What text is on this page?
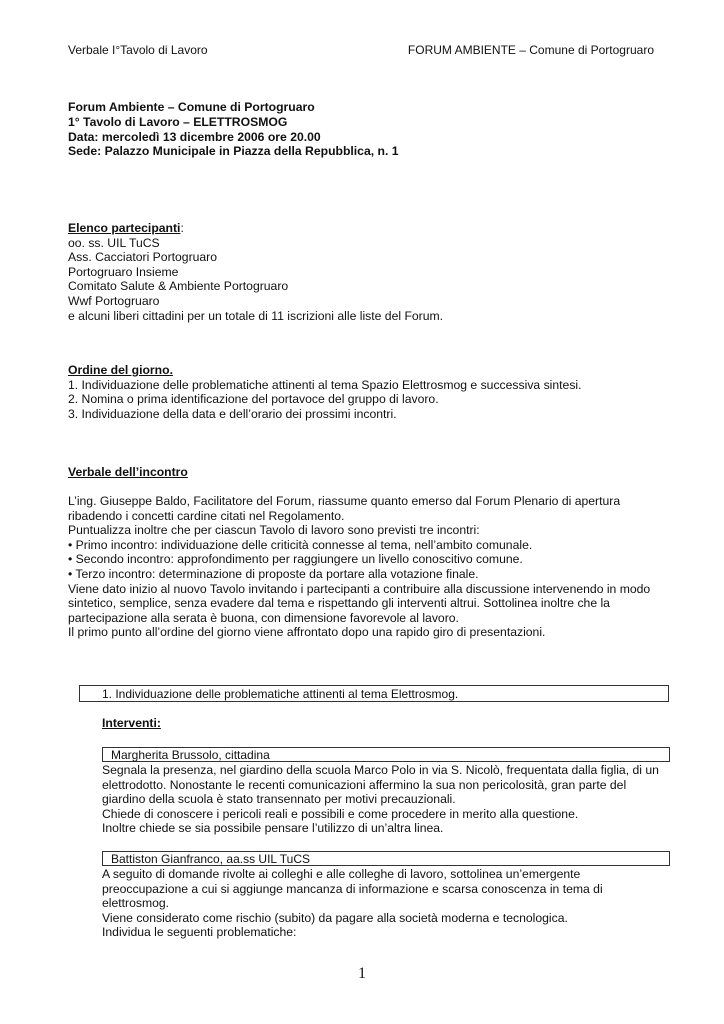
Verbale I°Tavolo di Lavoro	FORUM AMBIENTE – Comune di Portogruaro
Forum Ambiente – Comune di Portogruaro
1° Tavolo di Lavoro – ELETTROSMOG
Data: mercoledì 13 dicembre 2006 ore 20.00
Sede: Palazzo Municipale in Piazza della Repubblica, n. 1
Elenco partecipanti:
oo. ss. UIL TuCS
Ass. Cacciatori Portogruaro
Portogruaro Insieme
Comitato Salute & Ambiente Portogruaro
Wwf Portogruaro
e alcuni liberi cittadini per un totale di 11 iscrizioni alle liste del Forum.
Ordine del giorno.
1. Individuazione delle problematiche attinenti al tema Spazio Elettrosmog e successiva sintesi.
2. Nomina o prima identificazione del portavoce del gruppo di lavoro.
3. Individuazione della data e dell’orario dei prossimi incontri.
Verbale dell’incontro
L’ing. Giuseppe Baldo, Facilitatore del Forum, riassume quanto emerso dal Forum Plenario di apertura
ribadendo i concetti cardine citati nel Regolamento.
Puntualizza inoltre che per ciascun Tavolo di lavoro sono previsti tre incontri:
• Primo incontro: individuazione delle criticità connesse al tema, nell’ambito comunale.
• Secondo incontro: approfondimento per raggiungere un livello conoscitivo comune.
• Terzo incontro: determinazione di proposte da portare alla votazione finale.
Viene dato inizio al nuovo Tavolo invitando i partecipanti a contribuire alla discussione intervenendo in modo
sintetico, semplice, senza evadere dal tema e rispettando gli interventi altrui. Sottolinea inoltre che la
partecipazione alla serata è buona, con dimensione favorevole al lavoro.
Il primo punto all’ordine del giorno viene affrontato dopo una rapido giro di presentazioni.
1. Individuazione delle problematiche attinenti al tema Elettrosmog.
Interventi:
Margherita Brussolo, cittadina
Segnala la presenza, nel giardino della scuola Marco Polo in via S. Nicolò, frequentata dalla figlia, di un
elettrodotto. Nonostante le recenti comunicazioni affermino la sua non pericolosità, gran parte del
giardino della scuola è stato transennato per motivi precauzionali.
Chiede di conoscere i pericoli reali e possibili e come procedere in merito alla questione.
Inoltre chiede se sia possibile pensare l’utilizzo di un’altra linea.
Battiston Gianfranco, aa.ss UIL TuCS
A seguito di domande rivolte ai colleghi e alle colleghe di lavoro, sottolinea un’emergente
preoccupazione a cui si aggiunge mancanza di informazione e scarsa conoscenza in tema di
elettrosmog.
Viene considerato come rischio (subito) da pagare alla società moderna e tecnologica.
Individua le seguenti problematiche:
1
